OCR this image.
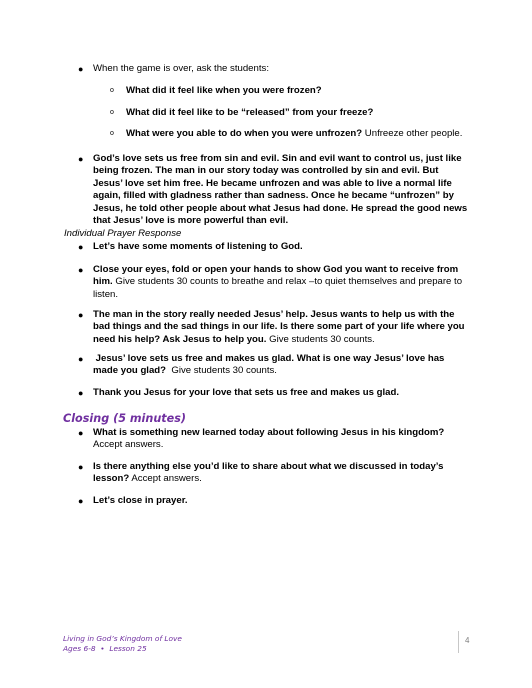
● When the game is over, ask the students:
o What did it feel like when you were frozen?
o What did it feel like to be “released” from your freeze?
o What were you able to do when you were unfrozen? Unfreeze other people.
● God’s love sets us free from sin and evil. Sin and evil want to control us, just like
being frozen. The man in our story today was controlled by sin and evil. But
Jesus’ love set him free. He became unfrozen and was able to live a normal life
again, filled with gladness rather than sadness. Once he became “unfrozen” by
Jesus, he told other people about what Jesus had done. He spread the good news
that Jesus’ love is more powerful than evil.
Individual Prayer Response
● Let’s have some moments of listening to God.
● Close your eyes, fold or open your hands to show God you want to receive from
him. Give students 30 counts to breathe and relax –to quiet themselves and prepare to
listen.
● The man in the story really needed Jesus’ help. Jesus wants to help us with the
bad things and the sad things in our life. Is there some part of your life where you
need his help? Ask Jesus to help you. Give students 30 counts.
● Jesus’ love sets us free and makes us glad. What is one way Jesus’ love has
made you glad?  Give students 30 counts.
● Thank you Jesus for your love that sets us free and makes us glad.
Closing (5 minutes)
● What is something new learned today about following Jesus in his kingdom?
Accept answers.
● Is there anything else you’d like to share about what we discussed in today’s
lesson? Accept answers.
● Let’s close in prayer.
Living in God’s Kingdom of Love
Ages 6-8  •  Lesson 25
4
